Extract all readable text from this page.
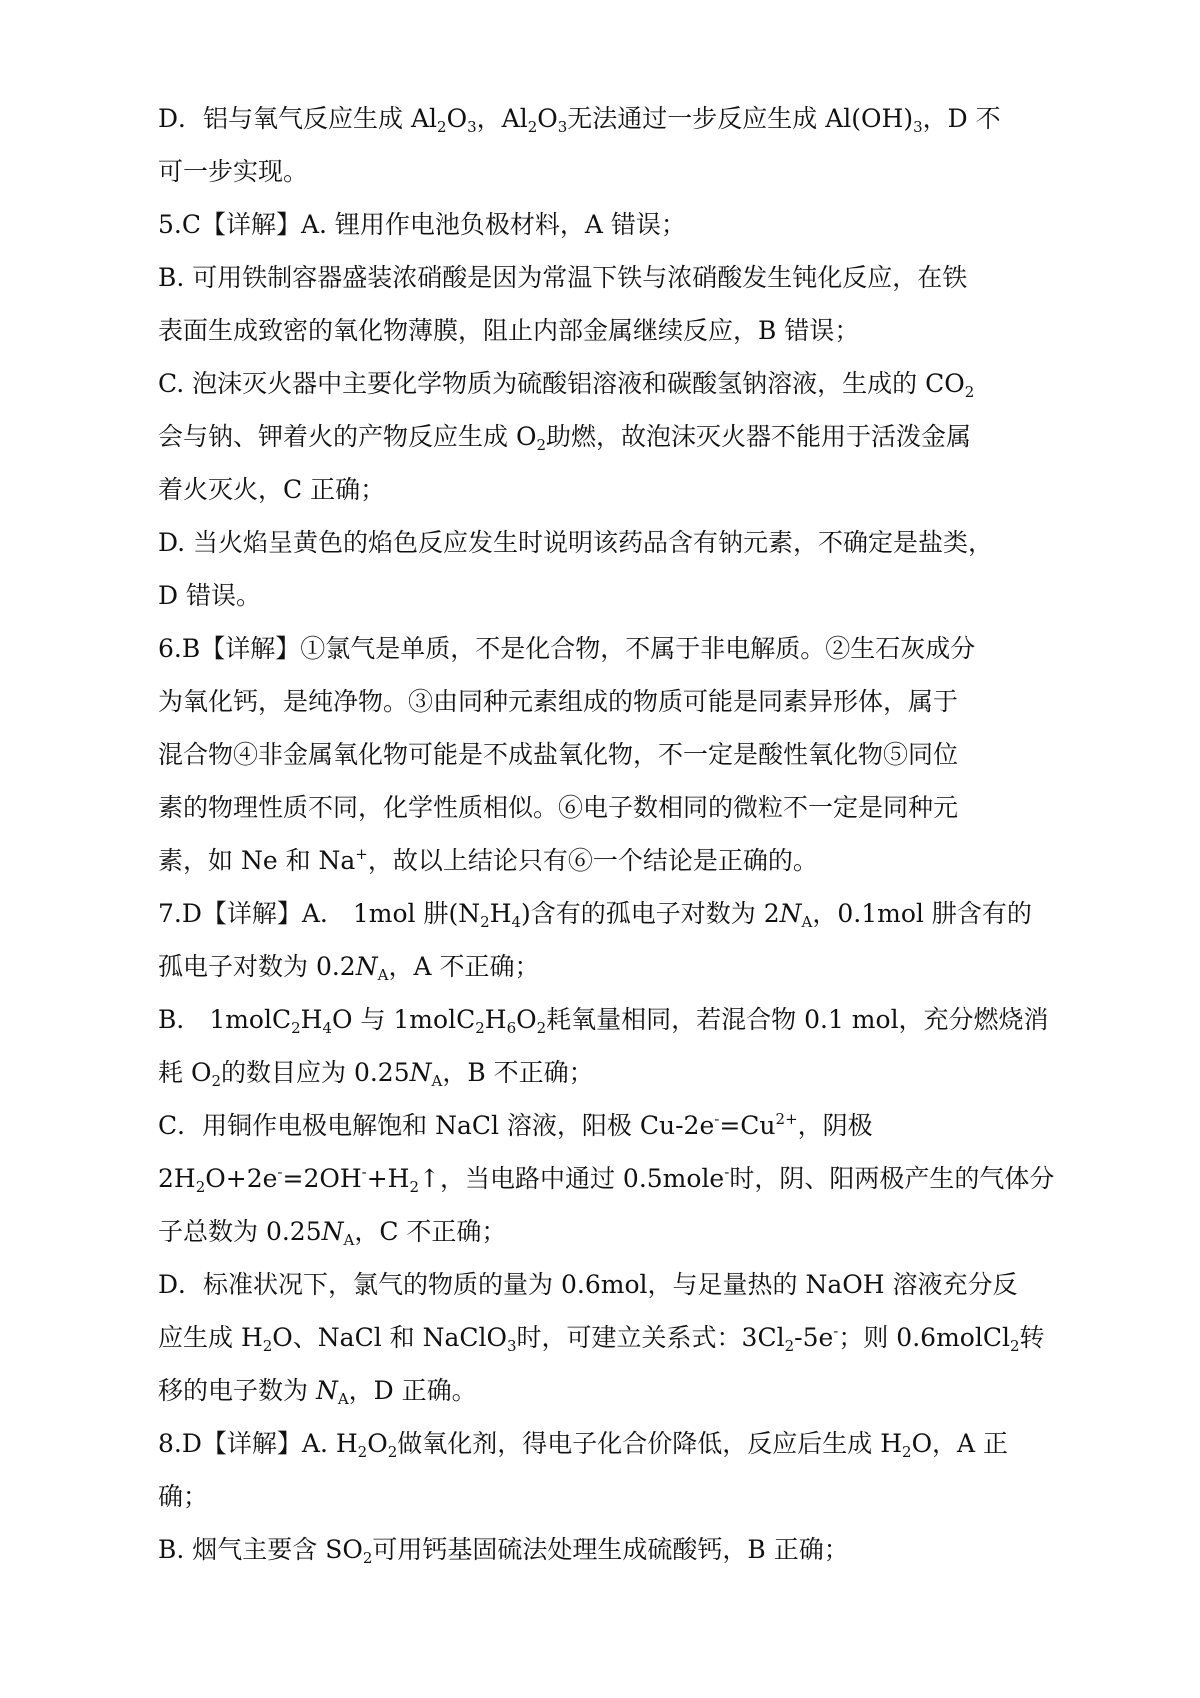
D．铝与氧气反应生成 $Al_2O_3$，$Al_2O_3$无法通过一步反应生成 $Al(OH)_3$，D 不

可一步实现。

5.C【详解】A. 锂用作电池负极材料，A 错误；

B. 可用铁制容器盛装浓硝酸是因为常温下铁与浓硝酸发生钝化反应，在铁

表面生成致密的氧化物薄膜，阻止内部金属继续反应，B 错误；

C. 泡沫灭火器中主要化学物质为硫酸铝溶液和碳酸氢钠溶液，生成的 $CO_2$

会与钠、钾着火的产物反应生成 $O_2$助燃，故泡沫灭火器不能用于活泼金属

着火灭火，C 正确；

D. 当火焰呈黄色的焰色反应发生时说明该药品含有钠元素，不确定是盐类，

D 错误。

6.B【详解】①氯气是单质，不是化合物，不属于非电解质。②生石灰成分

为氧化钙，是纯净物。③由同种元素组成的物质可能是同素异形体，属于

混合物④非金属氧化物可能是不成盐氧化物，不一定是酸性氧化物⑤同位

素的物理性质不同，化学性质相似。⑥电子数相同的微粒不一定是同种元

素，如 Ne 和 Na+，故以上结论只有⑥一个结论是正确的。

7.D【详解】A． 1mol 肼$(N_2H_4)$含有的孤电子对数为 $2N_A$，0.1mol 肼含有的

孤电子对数为 $0.2N_A$，A 不正确；

B． $1molC_2H_4O$ 与 $1molC_2H_6O_2$耗氧量相同，若混合物 0.1 mol，充分燃烧消

耗 $O_2$的数目应为 $0.25N_A$，B 不正确；

C．用铜作电极电解饱和 NaCl 溶液，阳极 $Cu-2e^-=Cu^{2+}$，阴极

$2H_2O+2e^-=2OH^-+H_2↑$，当电路中通过 0.5mole-时，阴、阳两极产生的气体分

子总数为 $0.25N_A$，C 不正确；

D．标准状况下，氯气的物质的量为 0.6mol，与足量热的 NaOH 溶液充分反

应生成 $H_2O$、NaCl 和 NaClO$_3$时，可建立关系式：$3Cl_2-5e^-$；则 0.6molCl$_2$转

移的电子数为 $N_A$，D 正确。

8.D【详解】A. $H_2O_2$做氧化剂，得电子化合价降低，反应后生成 $H_2O$，A 正

确；

B. 烟气主要含 $SO_2$可用钙基固硫法处理生成硫酸钙，B 正确；
